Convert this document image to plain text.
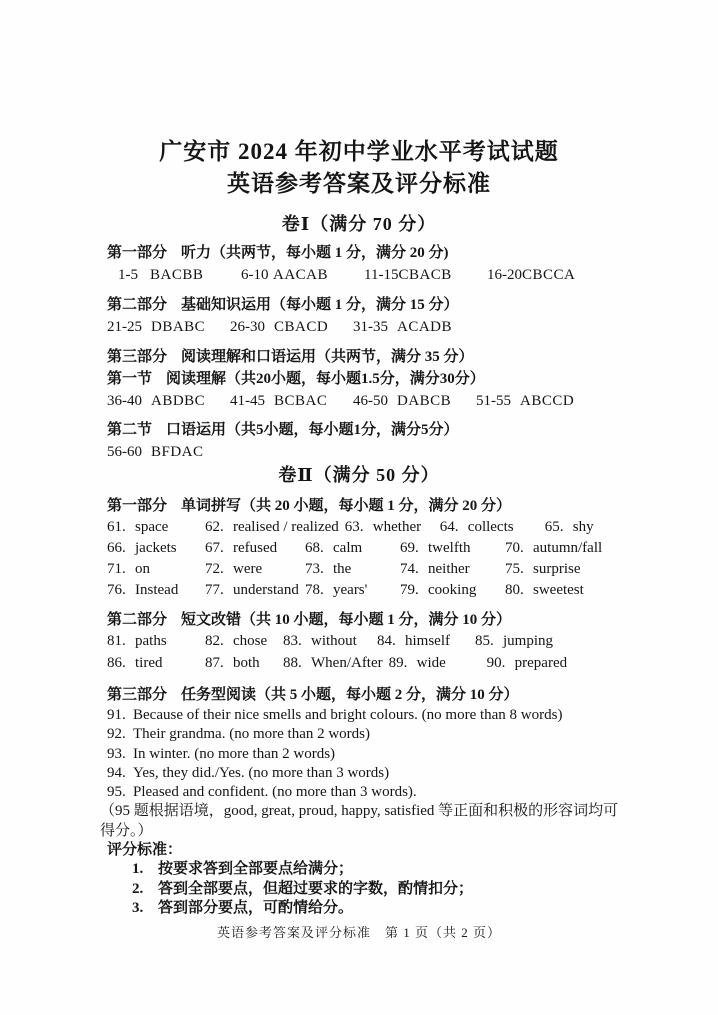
广安市 2024 年初中学业水平考试试题
英语参考答案及评分标准
卷Ⅰ（满分 70 分）
第一部分 听力（共两节，每小题 1 分，满分 20 分)
1-5 BACBB	6-10 AACAB	11-15CBACB	16-20CBCCA
第二部分 基础知识运用（每小题 1 分，满分 15 分）
21-25 DBABC	26-30 CBACD	31-35 ACADB
第三部分 阅读理解和口语运用（共两节，满分 35 分）
第一节 阅读理解（共20小题，每小题1.5分，满分30分）
36-40 ABDBC	41-45 BCBAC	46-50 DABCB	51-55 ABCCD
第二节 口语运用（共5小题，每小题1分，满分5分）
56-60 BFDAC
卷Ⅱ（满分 50 分）
第一部分 单词拼写（共 20 小题，每小题 1 分，满分 20 分）
61. space	62. realised / realized 63. whether	64. collects	65. shy
66. jackets	67. refused	68. calm	69. twelfth	70. autumn/fall
71. on	72. were	73. the	74. neither	75. surprise
76. Instead	77. understand 78. years'	79. cooking	80. sweetest
第二部分 短文改错（共 10 小题，每小题 1 分，满分 10 分）
81. paths	82. chose	83. without	84. himself	85. jumping
86. tired	87. both	88. When/After 89. wide	90. prepared
第三部分 任务型阅读（共 5 小题，每小题 2 分，满分 10 分）
91. Because of their nice smells and bright colours. (no more than 8 words)
92. Their grandma. (no more than 2 words)
93. In winter. (no more than 2 words)
94. Yes, they did./Yes. (no more than 3 words)
95. Pleased and confident. (no more than 3 words).
（95 题根据语境，good, great, proud, happy, satisfied 等正面和积极的形容词均可得分。）
评分标准：
1. 按要求答到全部要点给满分；
2. 答到全部要点，但超过要求的字数，酌情扣分；
3. 答到部分要点，可酌情给分。
英语参考答案及评分标准　第 1 页（共 2 页）
